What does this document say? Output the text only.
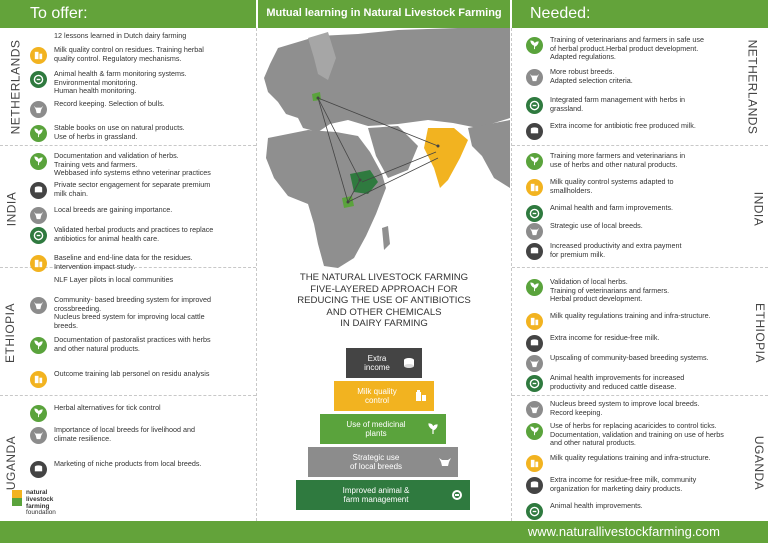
To offer:	Mutual learning in Natural Livestock Farming	Needed:
NETHERLANDS
INDIA
ETHIOPIA
UGANDA
12 lessons learned in Dutch dairy farming
Milk quality control on residues. Training herbal
quality control. Regulatory mechanisms.
Animal health & farm monitoring systems.
Environmental monitoring.
Human health monitoring.
Record keeping. Selection of bulls.
Stable books on use on natural products.
Use of herbs in grassland.
Documentation and validation of herbs.
Training vets and farmers.
Webbased info systems ethno veterinar practices
Private sector engagement for separate premium
milk chain.
Local breeds are gaining importance.
Validated herbal products and practices to replace
antibiotics for animal health care.
Baseline and end-line data for the residues.
Intervention impact study.
NLF Layer pilots in local communities
Community- based breeding system for improved
crossbreeding.
Nucleus breed system for improving local cattle
breeds.
Documentation of pastoralist practices with herbs
and other natural products.
Outcome training lab personel on residu analysis
Herbal alternatives for tick control
Importance of local breeds for livelihood and
climate resilience.
Marketing of niche products from local breeds.
natural
livestock
farming
foundation
NETHERLANDS
INDIA
ETHIOPIA
UGANDA
Training of veterinarians and farmers in safe use
of herbal product.Herbal product development.
Adapted regulations.
More robust breeds.
Adapted selection criteria.
Integrated farm management with herbs in
grassland.
Extra income for antibiotic free produced milk.
Training more farmers and veterinarians in
use of herbs and other natural products.
Milk quality control systems adapted to
smallholders.
Animal health and farm improvements.
Strategic use of local breeds.
Increased productivity and extra payment
for premium milk.
Validation of local herbs.
Training of veterinarians and farmers.
Herbal product development.
Milk quality regulations training and infra-structure.
Extra income for residue-free milk.
Upscaling of community-based breeding systems.
Animal health improvements for increased
productivity and reduced cattle disease.
Nucleus breed system to improve local breeds.
Record keeping.
Use of herbs for replacing acaricides to control ticks.
Documentation, validation and training on use of herbs
and other natural products.
Milk quality regulations training and infra-structure.
Extra income for residue-free milk, community
organization for marketing dairy products.
Animal health improvements.
THE NATURAL LIVESTOCK FARMING
FIVE-LAYERED APPROACH FOR
REDUCING THE USE OF ANTIBIOTICS
AND OTHER CHEMICALS
IN DAIRY FARMING
Extra
income
Milk quality
control
Use of medicinal
plants
Strategic use
of local breeds
Improved animal &
farm management
www.naturallivestockfarming.com
